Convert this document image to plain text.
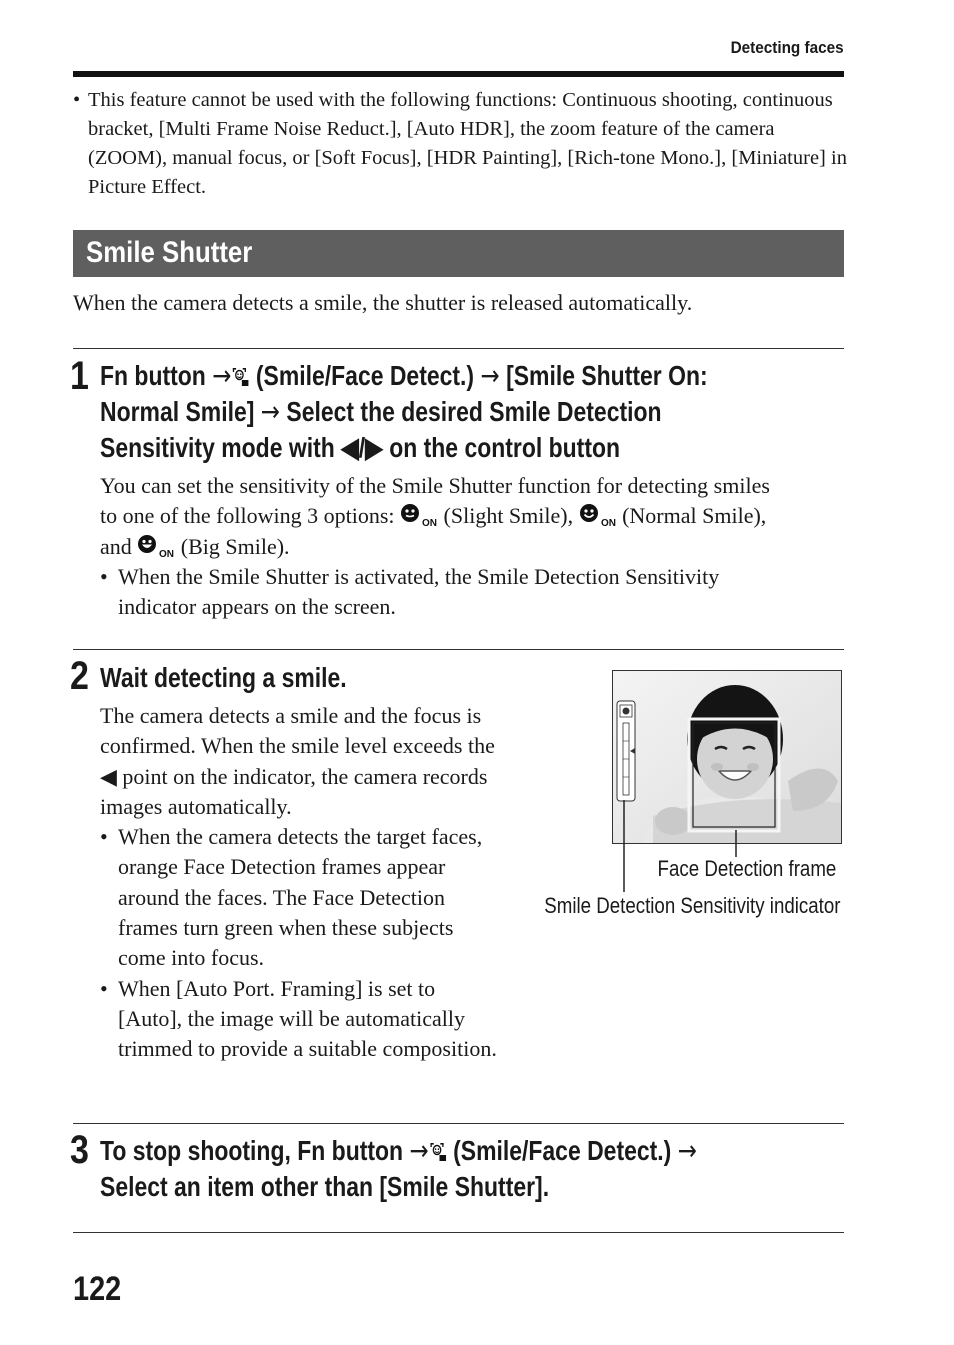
Detecting faces
• This feature cannot be used with the following functions: Continuous shooting, continuous bracket, [Multi Frame Noise Reduct.], [Auto HDR], the zoom feature of the camera (ZOOM), manual focus, or [Soft Focus], [HDR Painting], [Rich-tone Mono.], [Miniature] in Picture Effect.
Smile Shutter
When the camera detects a smile, the shutter is released automatically.
1 Fn button → (Smile/Face Detect.) → [Smile Shutter On:
Normal Smile] → Select the desired Smile Detection
Sensitivity mode with ◀/▶ on the control button

You can set the sensitivity of the Smile Shutter function for detecting smiles

to one of the following 3 options: ON (Slight Smile), ON (Normal Smile),

and ON (Big Smile).

• When the Smile Shutter is activated, the Smile Detection Sensitivity indicator appears on the screen.
2 Wait detecting a smile.

The camera detects a smile and the focus is confirmed. When the smile level exceeds the ◀ point on the indicator, the camera records images automatically.

• When the camera detects the target faces, orange Face Detection frames appear around the faces. The Face Detection frames turn green when these subjects come into focus.
• When [Auto Port. Framing] is set to [Auto], the image will be automatically trimmed to provide a suitable composition.
Face Detection frame
Smile Detection Sensitivity indicator
3 To stop shooting, Fn button → (Smile/Face Detect.) →
Select an item other than [Smile Shutter].
122
